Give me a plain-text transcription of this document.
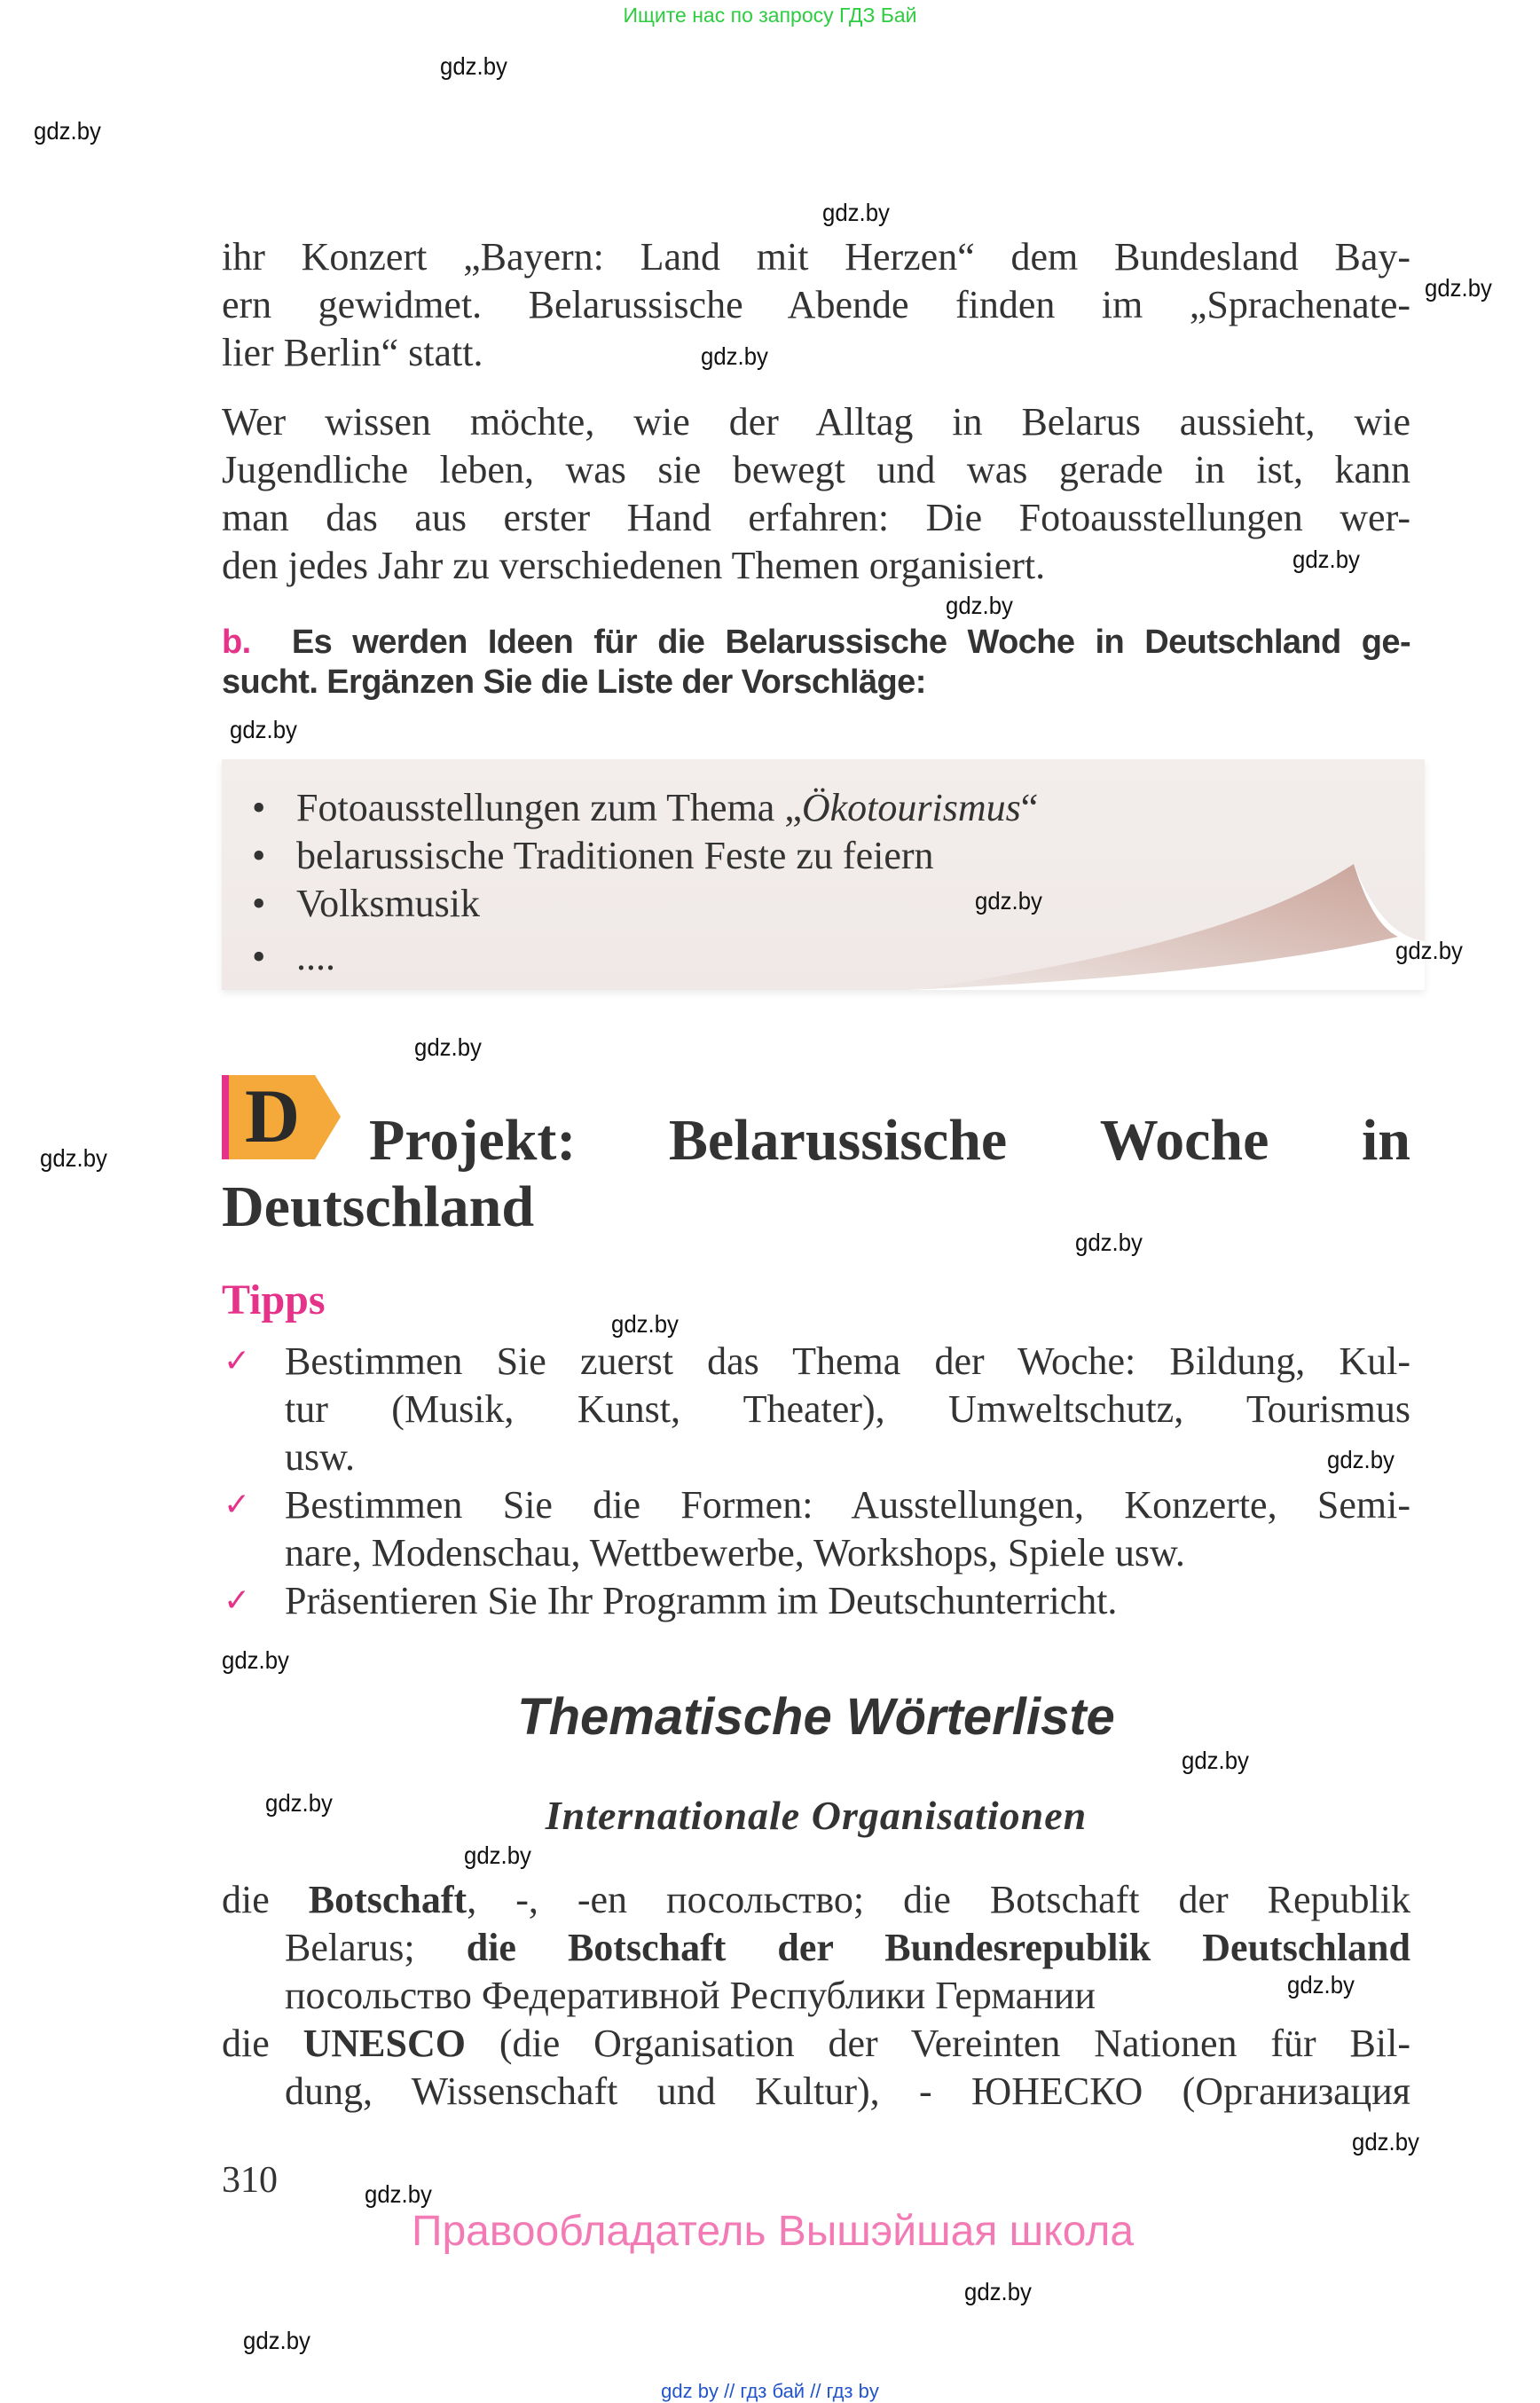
Ищите нас по запросу ГДЗ Бай
ihr Konzert „Bayern: Land mit Herzen“ dem Bundesland Bay-
ern gewidmet. Belarussische Abende finden im „Sprachenate-
lier Berlin“ statt.
Wer wissen möchte, wie der Alltag in Belarus aussieht, wie
Jugendliche leben, was sie bewegt und was gerade in ist, kann
man das aus erster Hand erfahren: Die Fotoausstellungen wer-
den jedes Jahr zu verschiedenen Themen organisiert.
b. Es werden Ideen für die Belarussische Woche in Deutschland ge-
sucht. Ergänzen Sie die Liste der Vorschläge:
• Fotoausstellungen zum Thema „Ökotourismus“
• belarussische Traditionen Feste zu feiern
• Volksmusik
• ....
D Projekt: Belarussische Woche in
Deutschland
Tipps
✓ Bestimmen Sie zuerst das Thema der Woche: Bildung, Kul-
tur (Musik, Kunst, Theater), Umweltschutz, Tourismus
usw.
✓ Bestimmen Sie die Formen: Ausstellungen, Konzerte, Semi-
nare, Modenschau, Wettbewerbe, Workshops, Spiele usw.
✓ Präsentieren Sie Ihr Programm im Deutschunterricht.
Thematische Wörterliste
Internationale Organisationen
die Botschaft, -, -en посольство; die Botschaft der Republik
Belarus; die Botschaft der Bundesrepublik Deutschland
посольство Федеративной Республики Германии
die UNESCO (die Organisation der Vereinten Nationen für Bil-
dung, Wissenschaft und Kultur), - ЮНЕСКО (Организация
310
Правообладатель Вышэйшая школа
gdz by // гдз бай // гдз by
gdz.by
gdz.by
gdz.by
gdz.by
gdz.by
gdz.by
gdz.by
gdz.by
gdz.by
gdz.by
gdz.by
gdz.by
gdz.by
gdz.by
gdz.by
gdz.by
gdz.by
gdz.by
gdz.by
gdz.by
gdz.by
gdz.by
gdz.by
gdz.by
